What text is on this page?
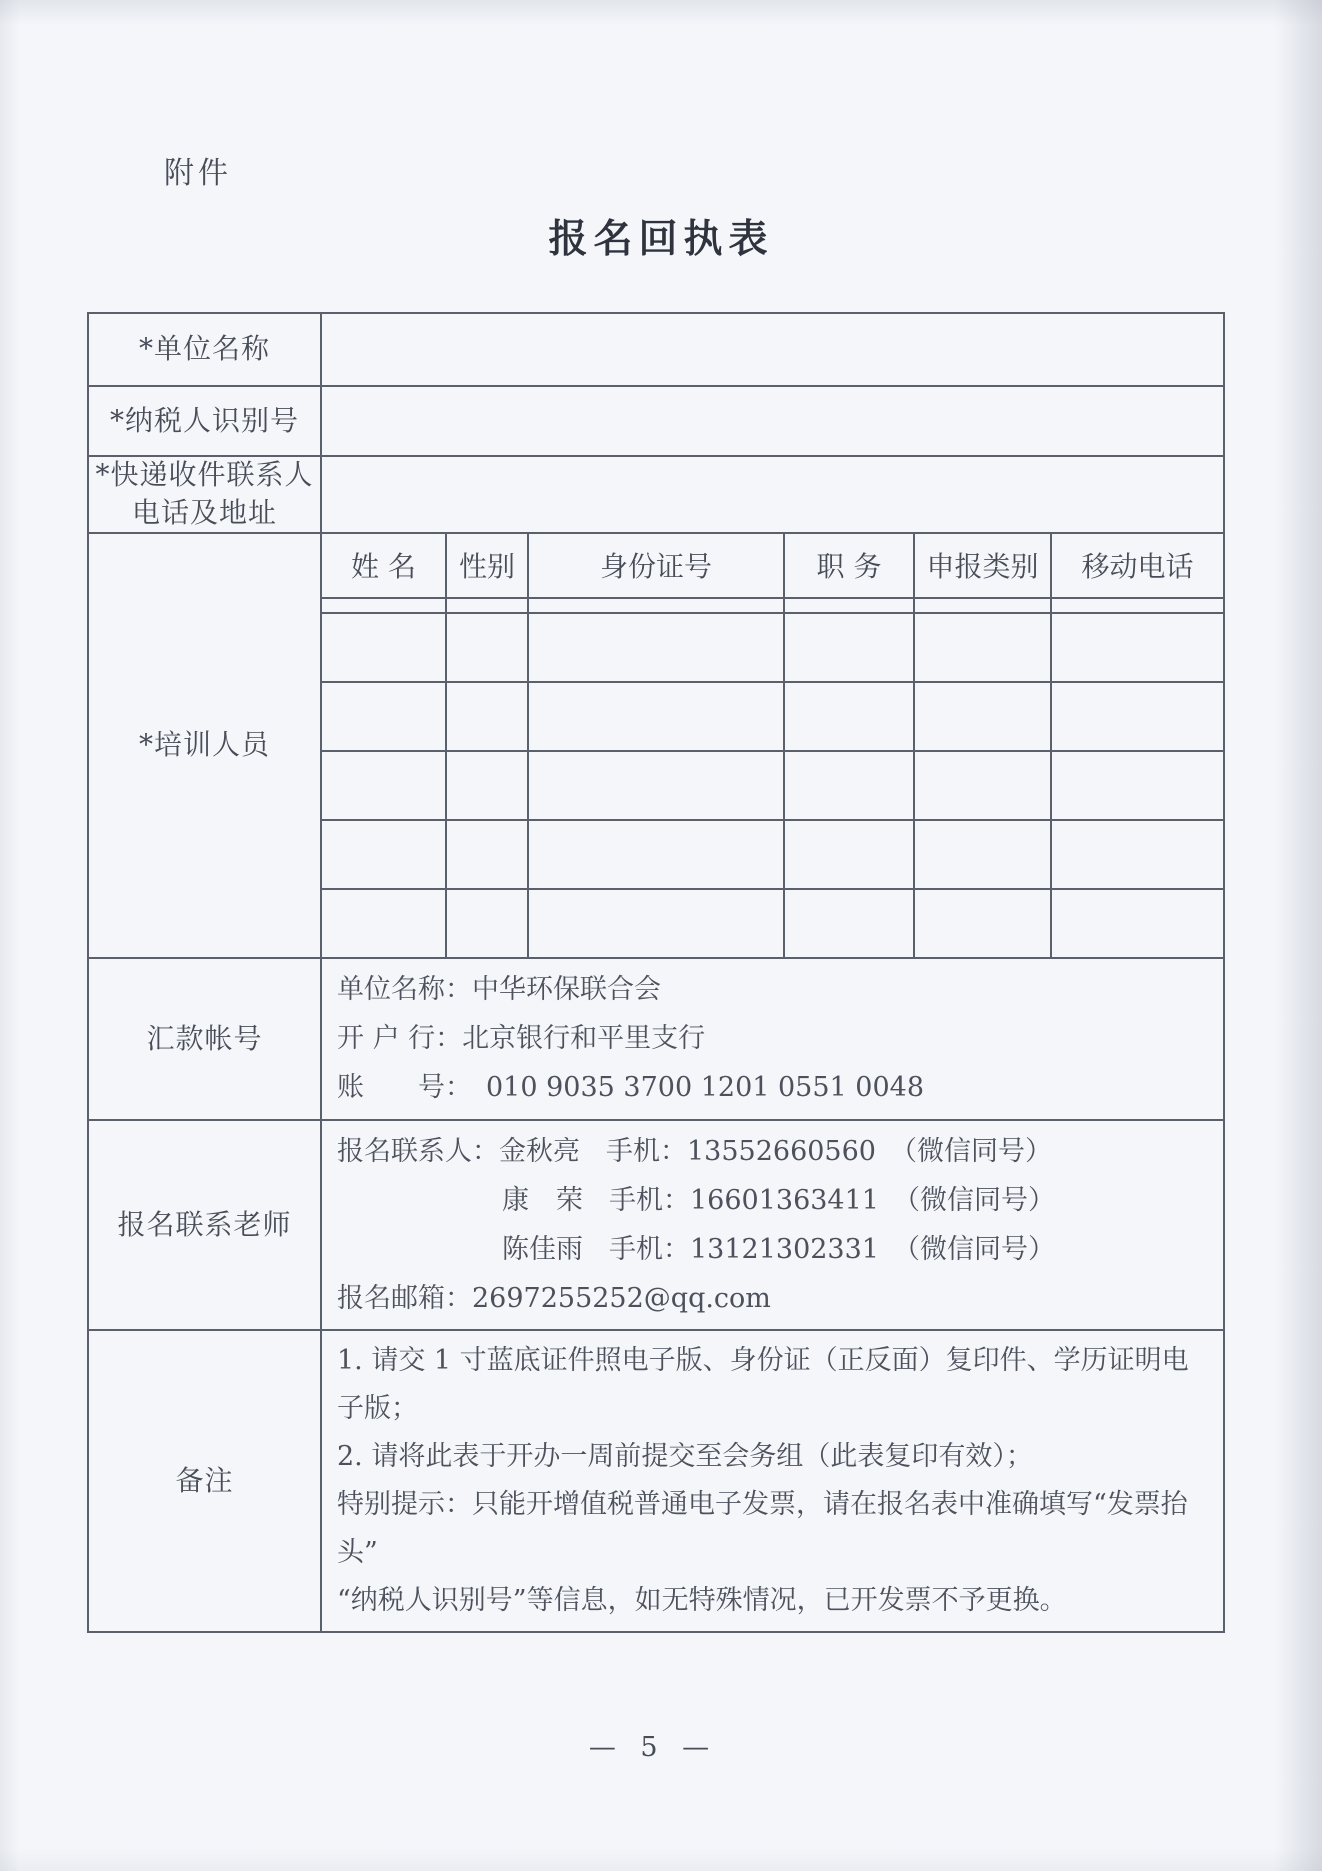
附件
报名回执表
*单位名称
*纳税人识别号
*快递收件联系人
电话及地址
*培训人员
姓 名	性别	身份证号	职 务	申报类别	移动电话
汇款帐号
单位名称：中华环保联合会
开 户 行：北京银行和平里支行
账　　号： 010 9035 3700 1201 0551 0048
报名联系老师
报名联系人：金秋亮 手机：13552660560 （微信同号）
康　荣 手机：16601363411 （微信同号）
陈佳雨 手机：13121302331 （微信同号）
报名邮箱：2697255252@qq.com
备注
1. 请交 1 寸蓝底证件照电子版、身份证（正反面）复印件、学历证明电子版；
2. 请将此表于开办一周前提交至会务组（此表复印有效）；
特别提示：只能开增值税普通电子发票，请在报名表中准确填写“发票抬头”
“纳税人识别号”等信息，如无特殊情况，已开发票不予更换。
— 5 —
